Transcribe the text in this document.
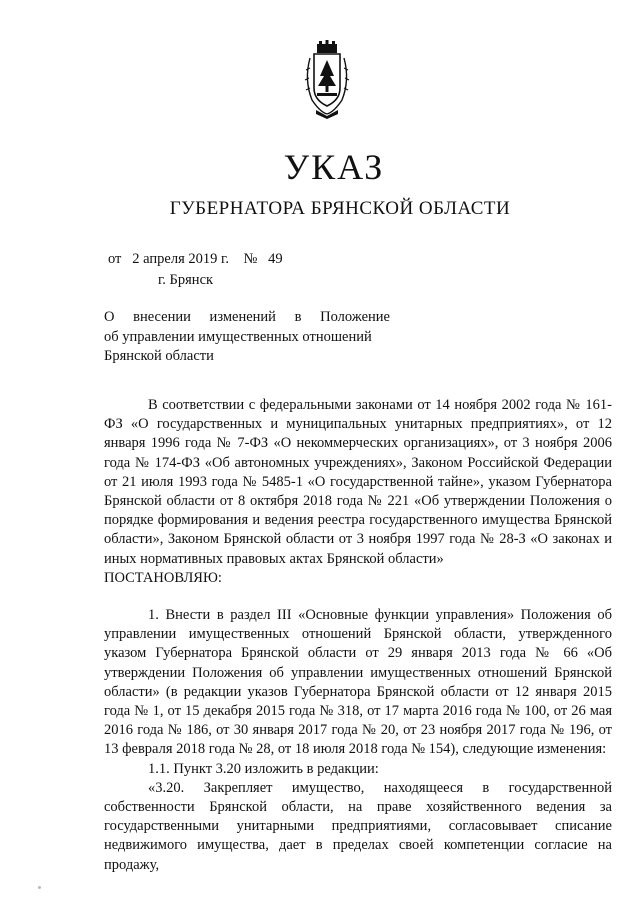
УКАЗ
ГУБЕРНАТОРА БРЯНСКОЙ ОБЛАСТИ
от 2 апреля 2019 г. № 49
г. Брянск
О внесении изменений в Положение
об управлении имущественных отношений
Брянской области

В соответствии с федеральными законами от 14 ноября 2002 года № 161-ФЗ «О государственных и муниципальных унитарных предприятиях», от 12 января 1996 года № 7-ФЗ «О некоммерческих организациях», от 3 ноября 2006 года № 174-ФЗ «Об автономных учреждениях», Законом Российской Федерации от 21 июля 1993 года № 5485-1 «О государственной тайне», указом Губернатора Брянской области от 8 октября 2018 года № 221 «Об утверждении Положения о порядке формирования и ведения реестра государственного имущества Брянской области», Законом Брянской области от 3 ноября 1997 года № 28-З «О законах и иных нормативных правовых актах Брянской области»

ПОСТАНОВЛЯЮ:

1. Внести в раздел III «Основные функции управления» Положения об управлении имущественных отношений Брянской области, утвержденного указом Губернатора Брянской области от 29 января 2013 года № 66 «Об утверждении Положения об управлении имущественных отношений Брянской области» (в редакции указов Губернатора Брянской области от 12 января 2015 года № 1, от 15 декабря 2015 года № 318, от 17 марта 2016 года № 100, от 26 мая 2016 года № 186, от 30 января 2017 года № 20, от 23 ноября 2017 года № 196, от 13 февраля 2018 года № 28, от 18 июля 2018 года № 154), следующие изменения:

1.1. Пункт 3.20 изложить в редакции:

«3.20. Закрепляет имущество, находящееся в государственной собственности Брянской области, на праве хозяйственного ведения за государственными унитарными предприятиями, согласовывает списание недвижимого имущества, дает в пределах своей компетенции согласие на продажу,
